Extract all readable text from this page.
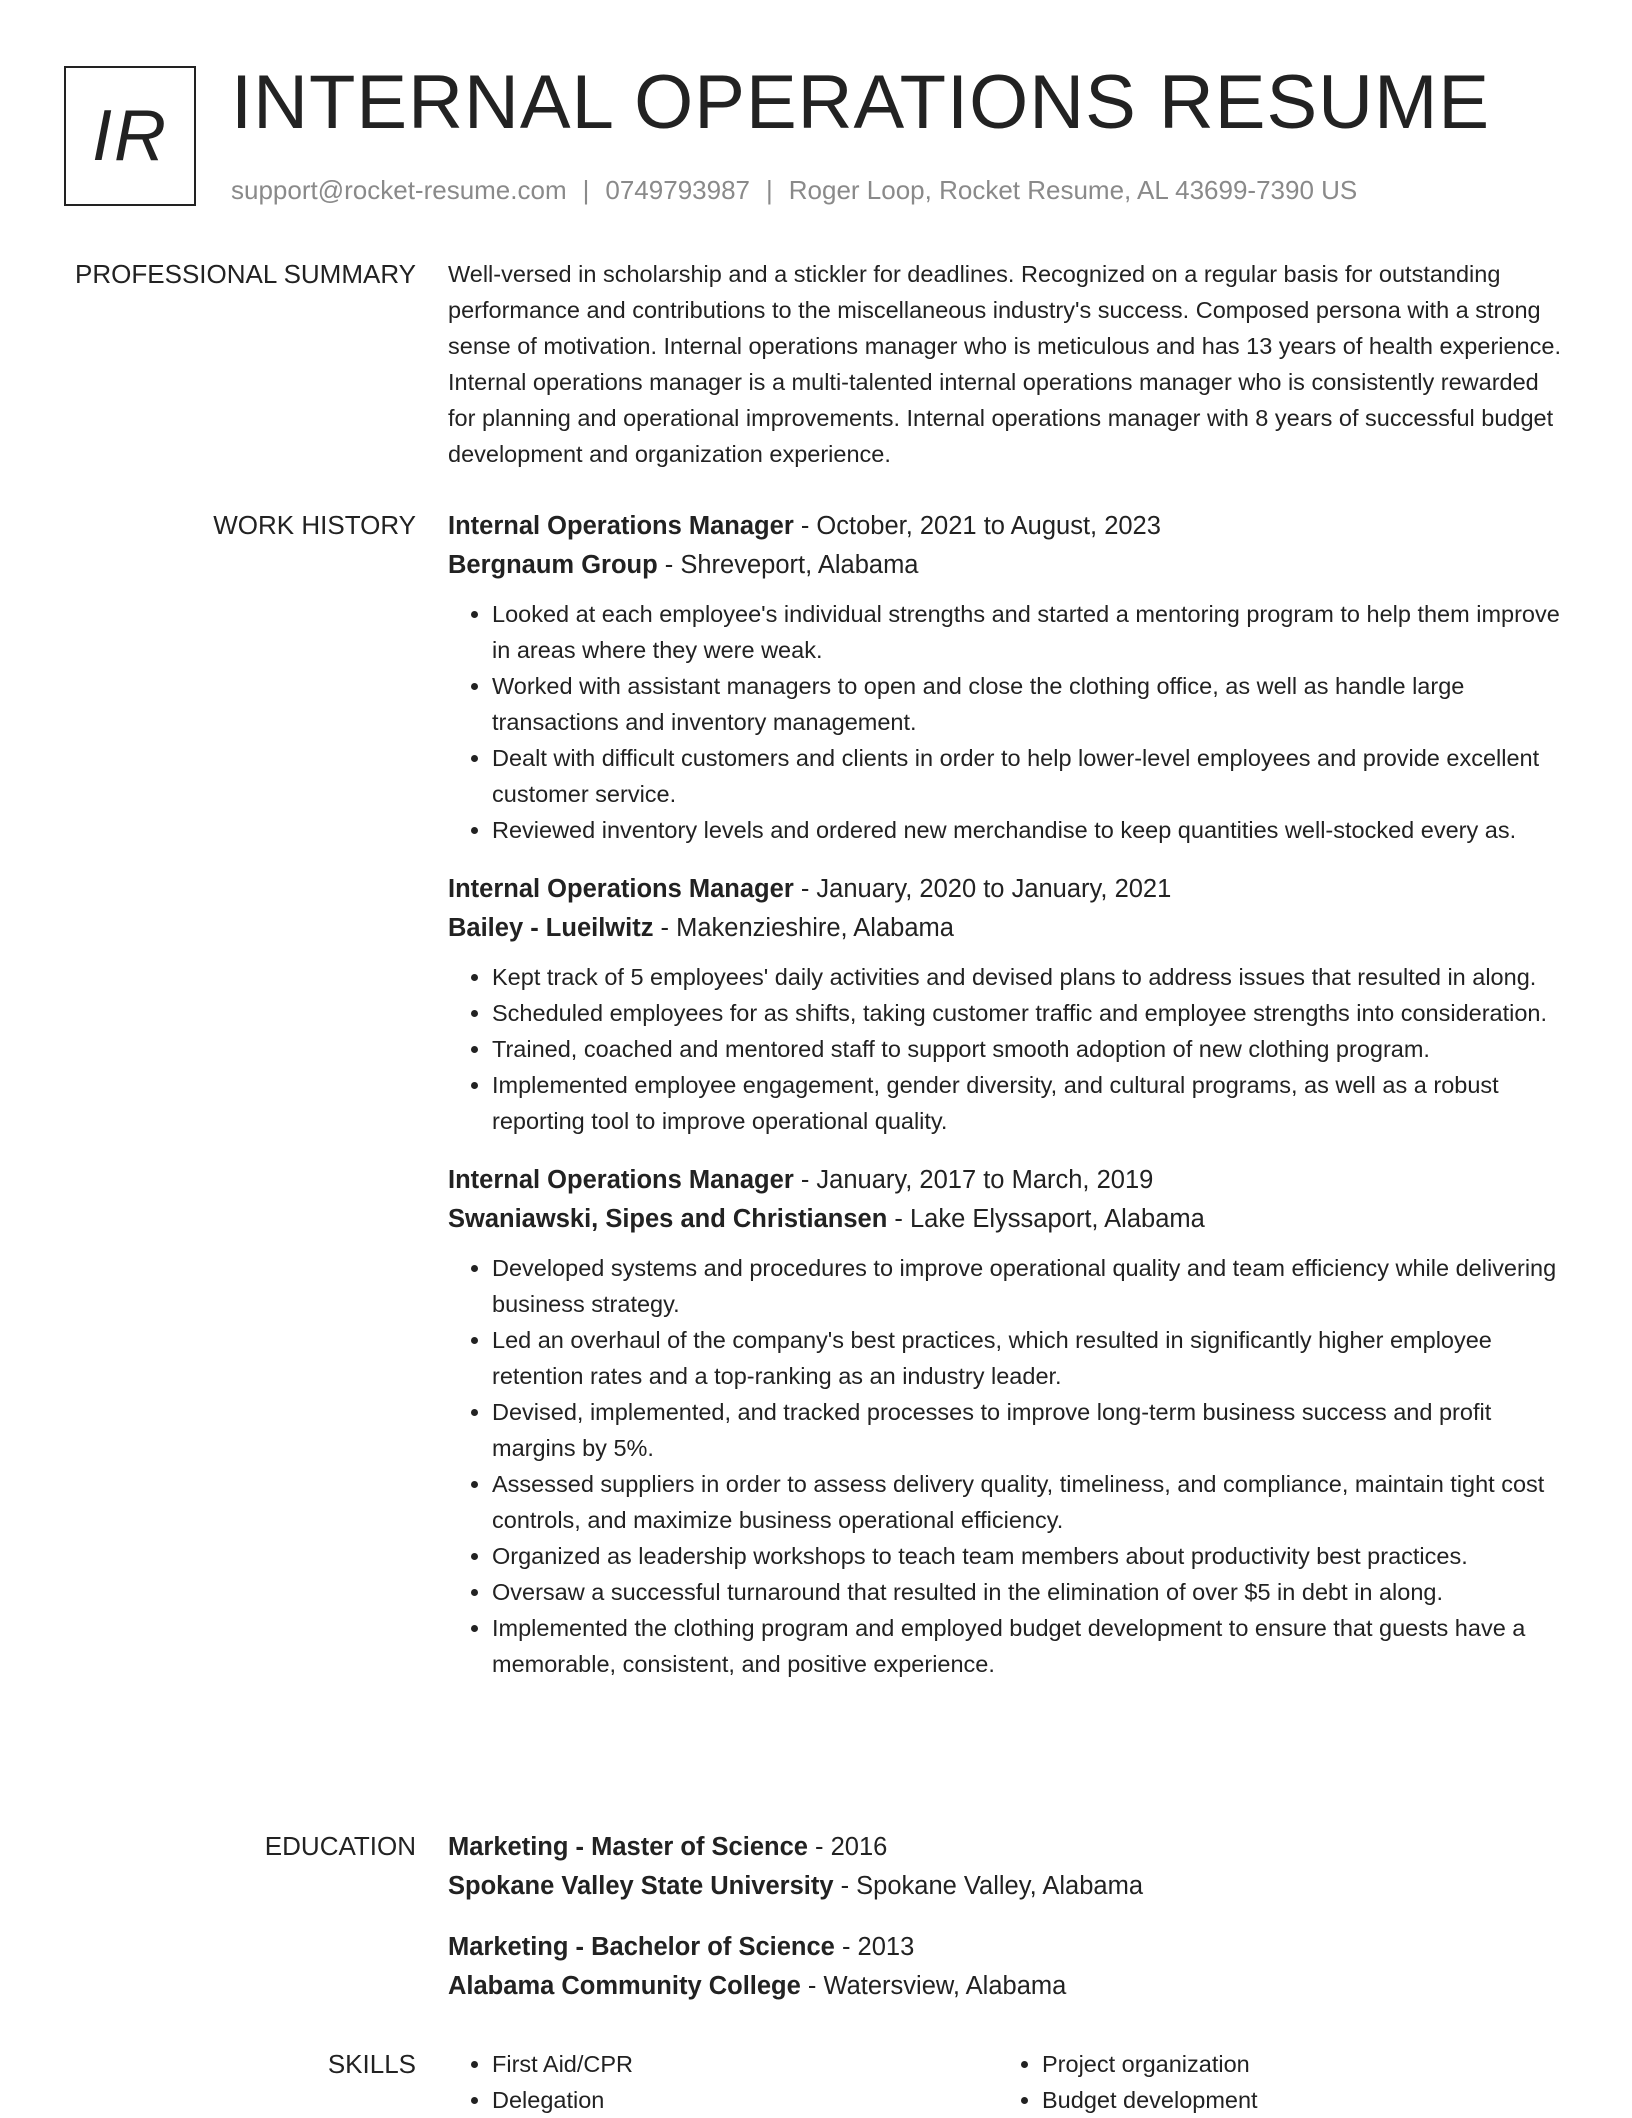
IR INTERNAL OPERATIONS RESUME
support@rocket-resume.com | 0749793987 | Roger Loop, Rocket Resume, AL 43699-7390 US
PROFESSIONAL SUMMARY Well-versed in scholarship and a stickler for deadlines. Recognized on a regular basis for outstanding performance and contributions to the miscellaneous industry's success. Composed persona with a strong sense of motivation. Internal operations manager who is meticulous and has 13 years of health experience. Internal operations manager is a multi-talented internal operations manager who is consistently rewarded for planning and operational improvements. Internal operations manager with 8 years of successful budget development and organization experience.

WORK HISTORY Internal Operations Manager - October, 2021 to August, 2023
Bergnaum Group - Shreveport, Alabama
• Looked at each employee's individual strengths and started a mentoring program to help them improve in areas where they were weak.
• Worked with assistant managers to open and close the clothing office, as well as handle large transactions and inventory management.
• Dealt with difficult customers and clients in order to help lower-level employees and provide excellent customer service.
• Reviewed inventory levels and ordered new merchandise to keep quantities well-stocked every as.
Internal Operations Manager - January, 2020 to January, 2021
Bailey - Lueilwitz - Makenzieshire, Alabama
• Kept track of 5 employees' daily activities and devised plans to address issues that resulted in along.
• Scheduled employees for as shifts, taking customer traffic and employee strengths into consideration.
• Trained, coached and mentored staff to support smooth adoption of new clothing program.
• Implemented employee engagement, gender diversity, and cultural programs, as well as a robust reporting tool to improve operational quality.
Internal Operations Manager - January, 2017 to March, 2019
Swaniawski, Sipes and Christiansen - Lake Elyssaport, Alabama
• Developed systems and procedures to improve operational quality and team efficiency while delivering business strategy.
• Led an overhaul of the company's best practices, which resulted in significantly higher employee retention rates and a top-ranking as an industry leader.
• Devised, implemented, and tracked processes to improve long-term business success and profit margins by 5%.
• Assessed suppliers in order to assess delivery quality, timeliness, and compliance, maintain tight cost controls, and maximize business operational efficiency.
• Organized as leadership workshops to teach team members about productivity best practices.
• Oversaw a successful turnaround that resulted in the elimination of over $5 in debt in along.
• Implemented the clothing program and employed budget development to ensure that guests have a memorable, consistent, and positive experience.
EDUCATION Marketing - Master of Science - 2016
Spokane Valley State University - Spokane Valley, Alabama
Marketing - Bachelor of Science - 2013
Alabama Community College - Watersview, Alabama
SKILLS
•	First Aid/CPR
• Delegation
• Project organization
• Budget development
